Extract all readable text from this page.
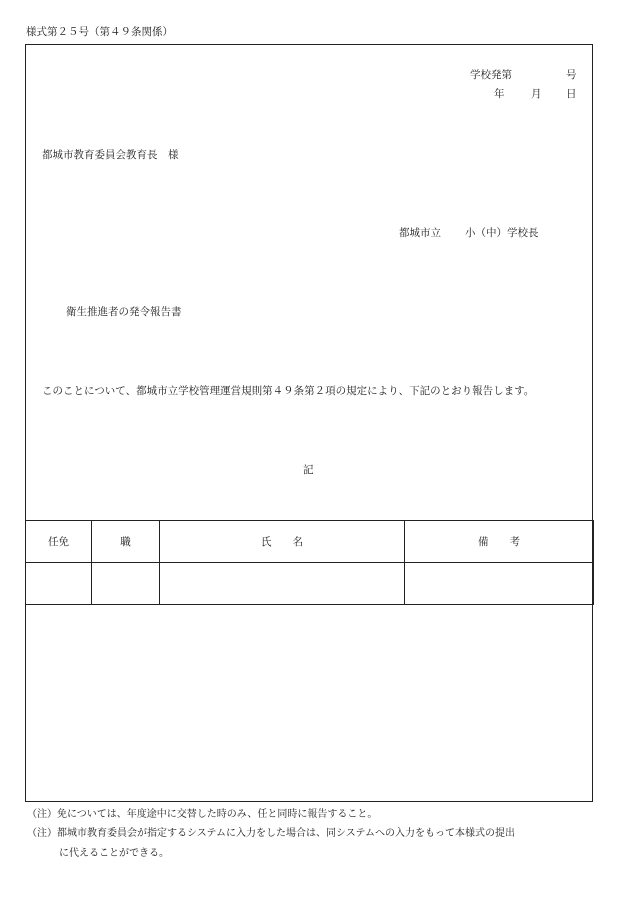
様式第２５号（第４９条関係）
学校発第	号
年	月 日
都城市教育委員会教育長　様
都城市立 小（中）学校長
衛生推進者の発令報告書
このことについて、都城市立学校管理運営規則第４９条第２項の規定により、下記のとおり報告します。
記
任免	職	氏　　名	備　　考

（注）免については、年度途中に交替した時のみ、任と同時に報告すること。
（注）都城市教育委員会が指定するシステムに入力をした場合は、同システムへの入力をもって本様式の提出
に代えることができる。
